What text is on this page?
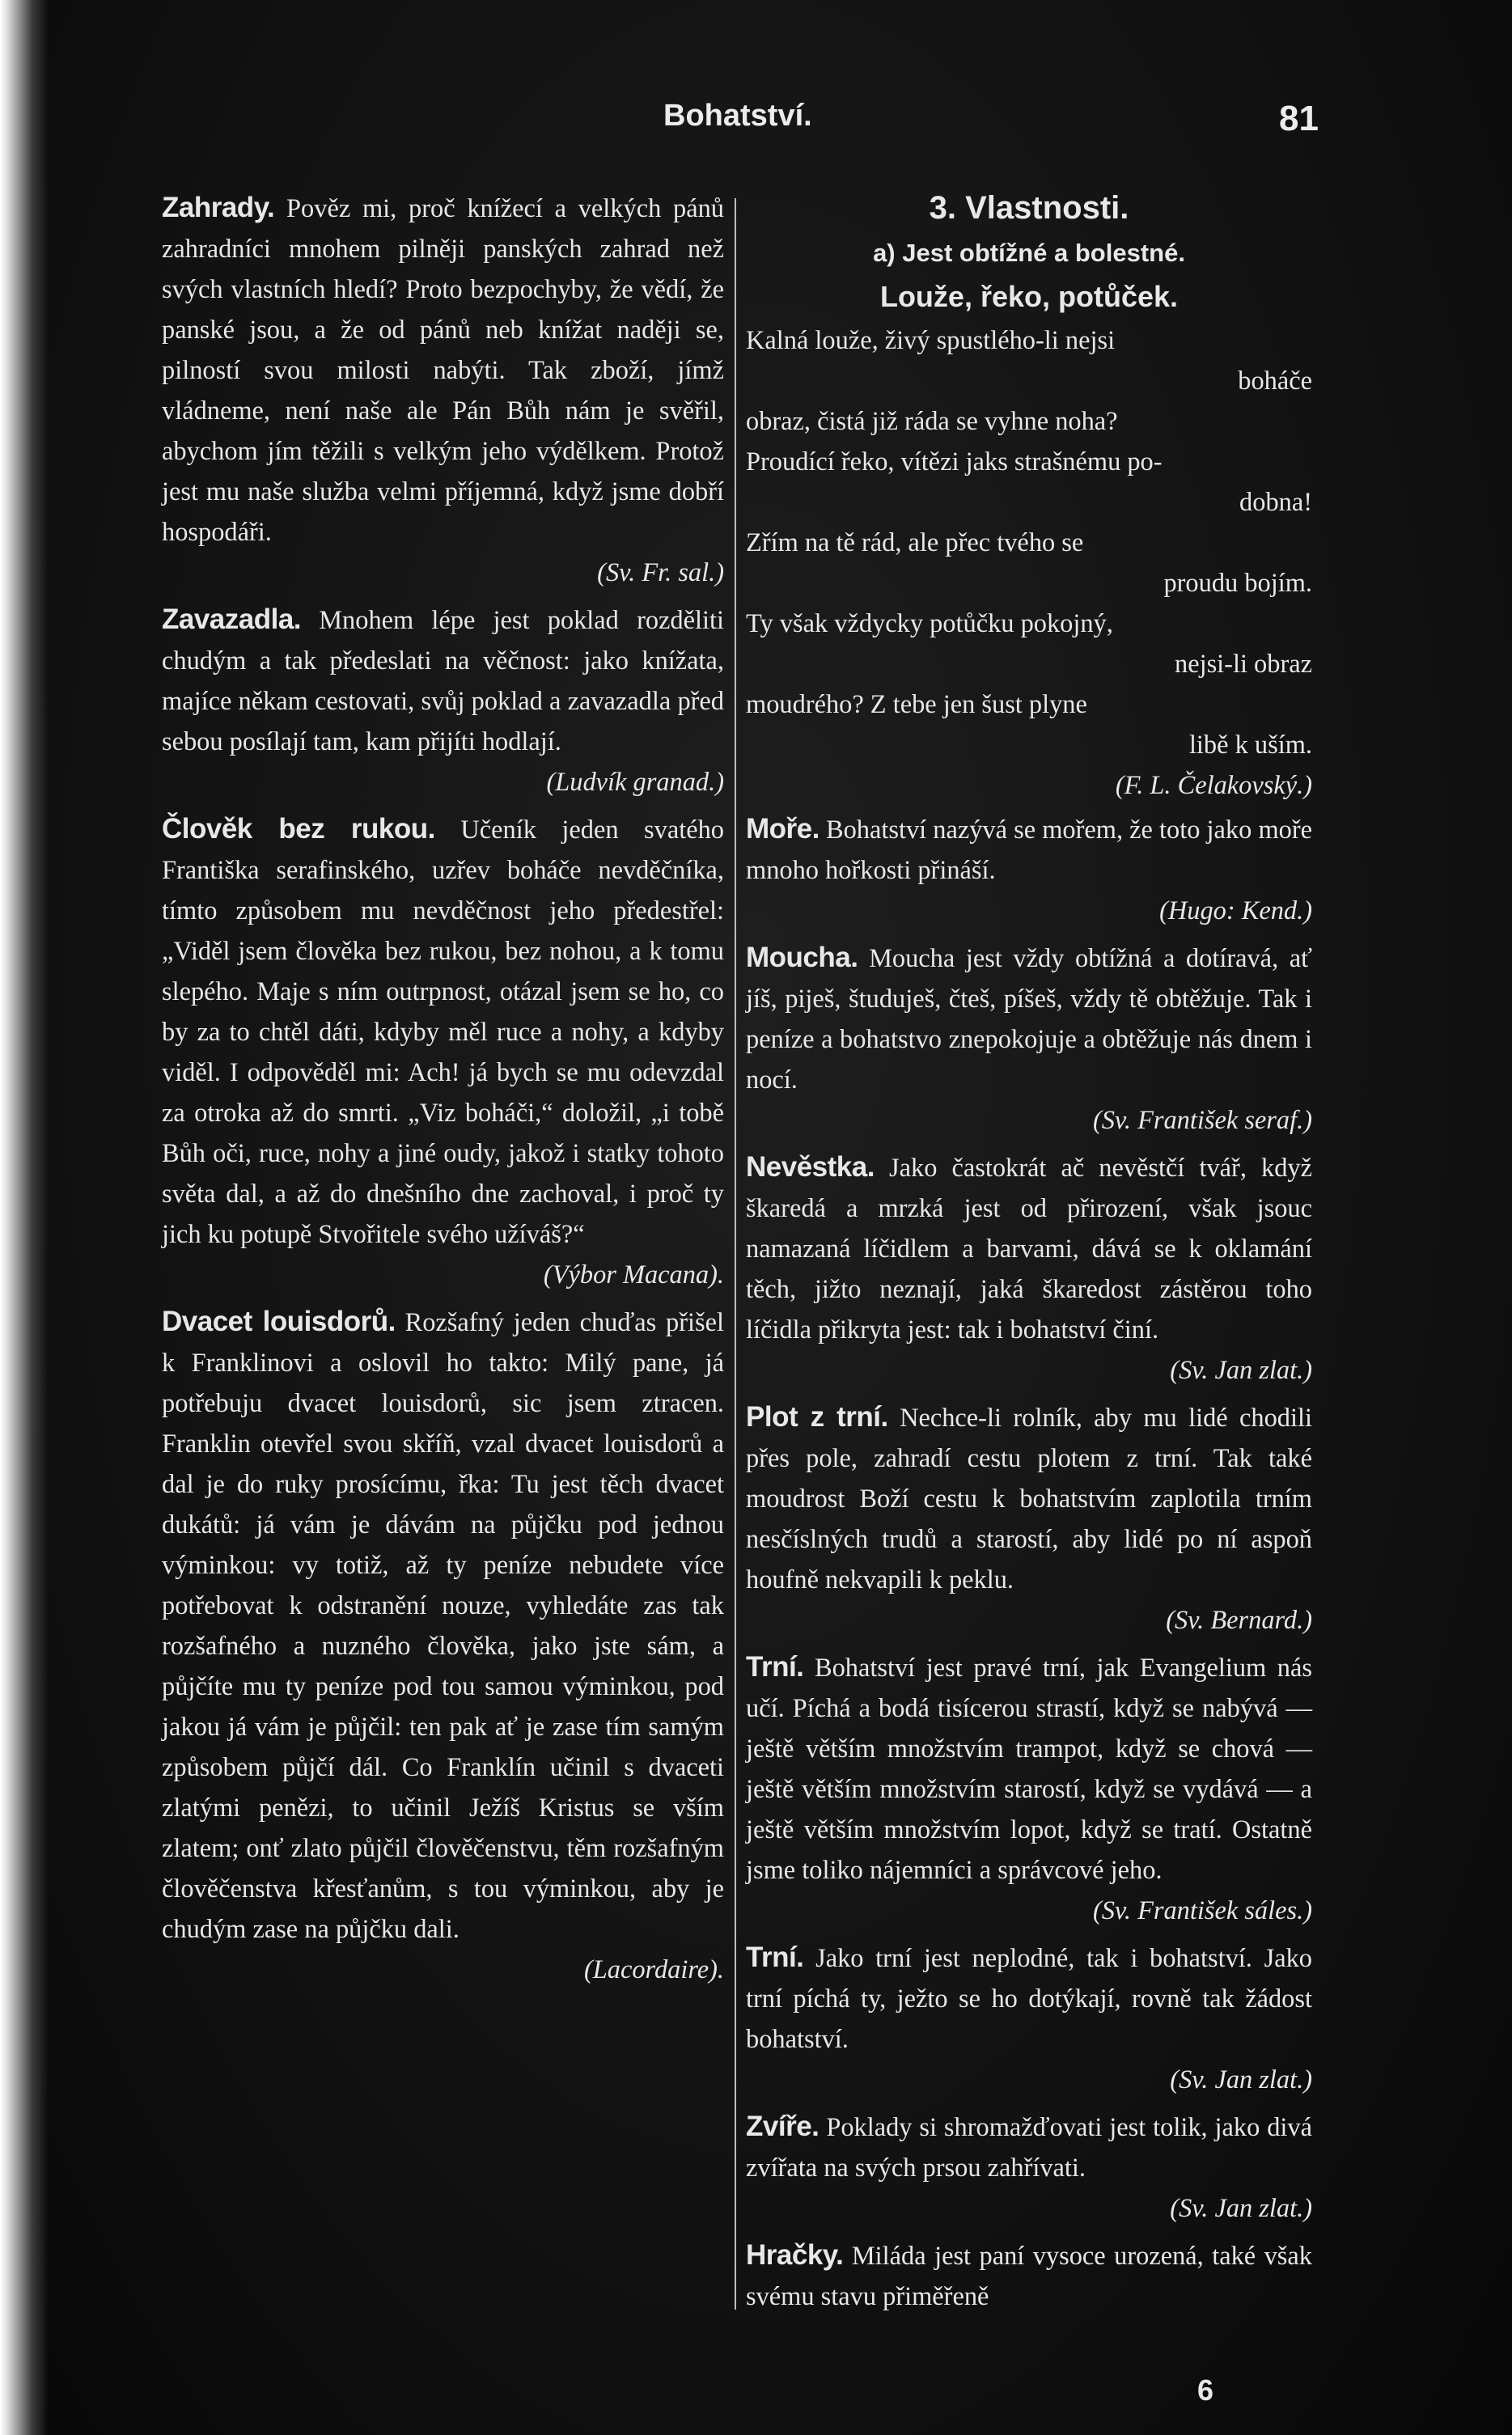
Bohatství.	81

Zahrady. Pověz mi, proč knížecí a velkých pánů zahradníci mnohem pilněji panských zahrad než svých vlastních hledí? Proto bezpochyby, že vědí, že panské jsou, a že od pánů neb knížat naději se, pilností svou milosti nabýti. Tak zboží, jímž vládneme, není naše ale Pán Bůh nám je svěřil, abychom jím těžili s velkým jeho výdělkem. Protož jest mu naše služba velmi příjemná, když jsme dobří hospodáři.
(Sv. Fr. sal.)

Zavazadla. Mnohem lépe jest poklad rozděliti chudým a tak předeslati na věčnost: jako knížata, majíce někam cestovati, svůj poklad a zavazadla před sebou posílají tam, kam přijíti hodlají.
(Ludvík granad.)

Člověk bez rukou. Učeník jeden svatého Františka serafinského, uzřev boháče nevděčníka, tímto způsobem mu nevděčnost jeho předestřel: „Viděl jsem člověka bez rukou, bez nohou, a k tomu slepého. Maje s ním outrpnost, otázal jsem se ho, co by za to chtěl dáti, kdyby měl ruce a nohy, a kdyby viděl. I odpověděl mi: Ach! já bych se mu odevzdal za otroka až do smrti. „Viz boháči,“ doložil, „i tobě Bůh oči, ruce, nohy a jiné oudy, jakož i statky tohoto světa dal, a až do dnešního dne zachoval, i proč ty jich ku potupě Stvořitele svého užíváš?“
(Výbor Macana).

Dvacet louisdorů. Rozšafný jeden chuďas přišel k Franklinovi a oslovil ho takto: Milý pane, já potřebuju dvacet louisdorů, sic jsem ztracen. Franklin otevřel svou skříň, vzal dvacet louisdorů a dal je do ruky prosícímu, řka: Tu jest těch dvacet dukátů: já vám je dávám na půjčku pod jednou výminkou: vy totiž, až ty peníze nebudete více potřebovat k odstranění nouze, vyhledáte zas tak rozšafného a nuzného člověka, jako jste sám, a půjčíte mu ty peníze pod tou samou výminkou, pod jakou já vám je půjčil: ten pak ať je zase tím samým způsobem půjčí dál. Co Franklín učinil s dvaceti zlatými penězi, to učinil Ježíš Kristus se vším zlatem; onť zlato půjčil člověčenstvu, těm rozšafným člověčenstva křesťanům, s tou výminkou, aby je chudým zase na půjčku dali.
(Lacordaire).

3. Vlastnosti.
a) Jest obtížné a bolestné.
Louže, řeko, potůček.
Kalná louže, živý spustlého-li nejsi
boháče
obraz, čistá již ráda se vyhne noha?
Proudící řeko, vítězi jaks strašnému po-
dobna!
Zřím na tě rád, ale přec tvého se
proudu bojím.
Ty však vždycky potůčku pokojný,
nejsi-li obraz
moudrého? Z tebe jen šust plyne
libě k uším.
(F. L. Čelakovský.)

Moře. Bohatství nazývá se mořem, že toto jako moře mnoho hořkosti přináší.
(Hugo: Kend.)

Moucha. Moucha jest vždy obtížná a dotíravá, ať jíš, piješ, študuješ, čteš, píšeš, vždy tě obtěžuje. Tak i peníze a bohatstvo znepokojuje a obtěžuje nás dnem i nocí.
(Sv. František seraf.)

Nevěstka. Jako častokrát ač nevěstčí tvář, když škaredá a mrzká jest od přirození, však jsouc namazaná líčidlem a barvami, dává se k oklamání těch, jižto neznají, jaká škaredost zástěrou toho líčidla přikryta jest: tak i bohatství činí.
(Sv. Jan zlat.)

Plot z trní. Nechce-li rolník, aby mu lidé chodili přes pole, zahradí cestu plotem z trní. Tak také moudrost Boží cestu k bohatstvím zaplotila trním nesčíslných trudů a starostí, aby lidé po ní aspoň houfně nekvapili k peklu.
(Sv. Bernard.)

Trní. Bohatství jest pravé trní, jak Evangelium nás učí. Píchá a bodá tisícerou strastí, když se nabývá — ještě větším množstvím trampot, když se chová — ještě větším množstvím starostí, když se vydává — a ještě větším množstvím lopot, když se tratí. Ostatně jsme toliko nájemníci a správcové jeho.
(Sv. František sáles.)

Trní. Jako trní jest neplodné, tak i bohatství. Jako trní píchá ty, ježto se ho dotýkají, rovně tak žádost bohatství.
(Sv. Jan zlat.)

Zvíře. Poklady si shromažďovati jest tolik, jako divá zvířata na svých prsou zahřívati.
(Sv. Jan zlat.)

Hračky. Miláda jest paní vysoce urozená, také však svému stavu přiměřeně

6
